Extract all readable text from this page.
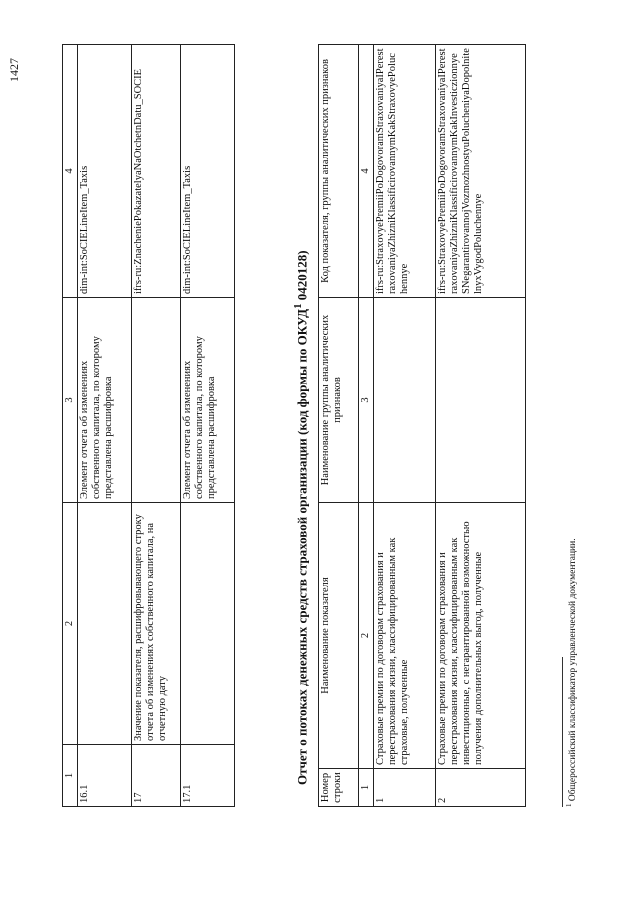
1427
1	2	3	4
16.1		Элемент отчета об изменениях собственного капитала, по которому представлена расшифровка	dim-int:SoCIELineItem_Taxis
17	Значение показателя, расшифровывающего строку отчета об изменениях собственного капитала, на отчетную дату		ifrs-ru:ZnacheniePokazatelyaNaOtchetnDatu_SOCIE
17.1		Элемент отчета об изменениях собственного капитала, по которому представлена расшифровка	dim-int:SoCIELineItem_Taxis
Отчет о потоках денежных средств страховой организации (код формы по ОКУД$^1$ 0420128)
Номер строки	Наименование показателя	Наименование группы аналитических признаков	Код показателя, группы аналитических признаков
1	2	3	4
1	Страховые премии по договорам страхования и перестрахования жизни, классифицированным как страховые, полученные		ifrs-ru:StraxovyePremiiPoDogovoramStraxovaniyaIPerestraxovaniyaZhizniKlassificirovannymKakStraxovyePoluchennye
2	Страховые премии по договорам страхования и перестрахования жизни, классифицированным как инвестиционные, с негарантированной возможностью получения дополнительных выгод, полученные		ifrs-ru:StraxovyePremiiPoDogovoramStraxovaniyaIPerestraxovaniyaZhizniKlassificirovannymKakInvesticzionnyeSNegarantirovannojVozmozhnostyuPolucheniyaDopolnitelnyxVygodPoluchennye
$^1$ Общероссийский классификатор управленческой документации.
